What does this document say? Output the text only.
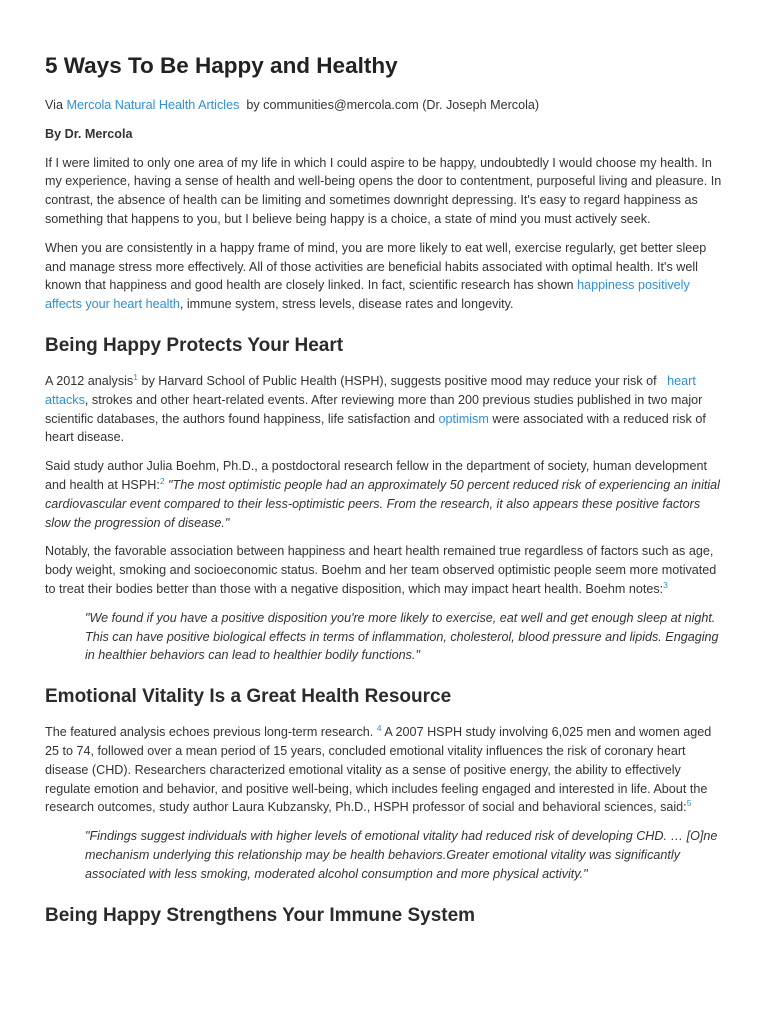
5 Ways To Be Happy and Healthy

Via Mercola Natural Health Articles by communities@mercola.com (Dr. Joseph Mercola)

By Dr. Mercola

If I were limited to only one area of my life in which I could aspire to be happy, undoubtedly I would choose my health. In my experience, having a sense of health and well-being opens the door to contentment, purposeful living and pleasure. In contrast, the absence of health can be limiting and sometimes downright depressing. It's easy to regard happiness as something that happens to you, but I believe being happy is a choice, a state of mind you must actively seek.

When you are consistently in a happy frame of mind, you are more likely to eat well, exercise regularly, get better sleep and manage stress more effectively. All of those activities are beneficial habits associated with optimal health. It's well known that happiness and good health are closely linked. In fact, scientific research has shown happiness positively affects your heart health, immune system, stress levels, disease rates and longevity.

Being Happy Protects Your Heart

A 2012 analysis$^1$ by Harvard School of Public Health (HSPH), suggests positive mood may reduce your risk of   heart attacks, strokes and other heart-related events. After reviewing more than 200 previous studies published in two major scientific databases, the authors found happiness, life satisfaction and optimism were associated with a reduced risk of heart disease.

Said study author Julia Boehm, Ph.D., a postdoctoral research fellow in the department of society, human development and health at HSPH:$^2$ "The most optimistic people had an approximately 50 percent reduced risk of experiencing an initial cardiovascular event compared to their less-optimistic peers. From the research, it also appears these positive factors slow the progression of disease."

Notably, the favorable association between happiness and heart health remained true regardless of factors such as age, body weight, smoking and socioeconomic status. Boehm and her team observed optimistic people seem more motivated to treat their bodies better than those with a negative disposition, which may impact heart health. Boehm notes:$^3$

"We found if you have a positive disposition you're more likely to exercise, eat well and get enough sleep at night. This can have positive biological effects in terms of inflammation, cholesterol, blood pressure and lipids. Engaging in healthier behaviors can lead to healthier bodily functions."
Emotional Vitality Is a Great Health Resource

The featured analysis echoes previous long-term research. $^4$ A 2007 HSPH study involving 6,025 men and women aged 25 to 74, followed over a mean period of 15 years, concluded emotional vitality influences the risk of coronary heart disease (CHD). Researchers characterized emotional vitality as a sense of positive energy, the ability to effectively regulate emotion and behavior, and positive well-being, which includes feeling engaged and interested in life. About the research outcomes, study author Laura Kubzansky, Ph.D., HSPH professor of social and behavioral sciences, said:$^5$

"Findings suggest individuals with higher levels of emotional vitality had reduced risk of developing CHD. … [O]ne mechanism underlying this relationship may be health behaviors.Greater emotional vitality was significantly associated with less smoking, moderated alcohol consumption and more physical activity."
Being Happy Strengthens Your Immune System
